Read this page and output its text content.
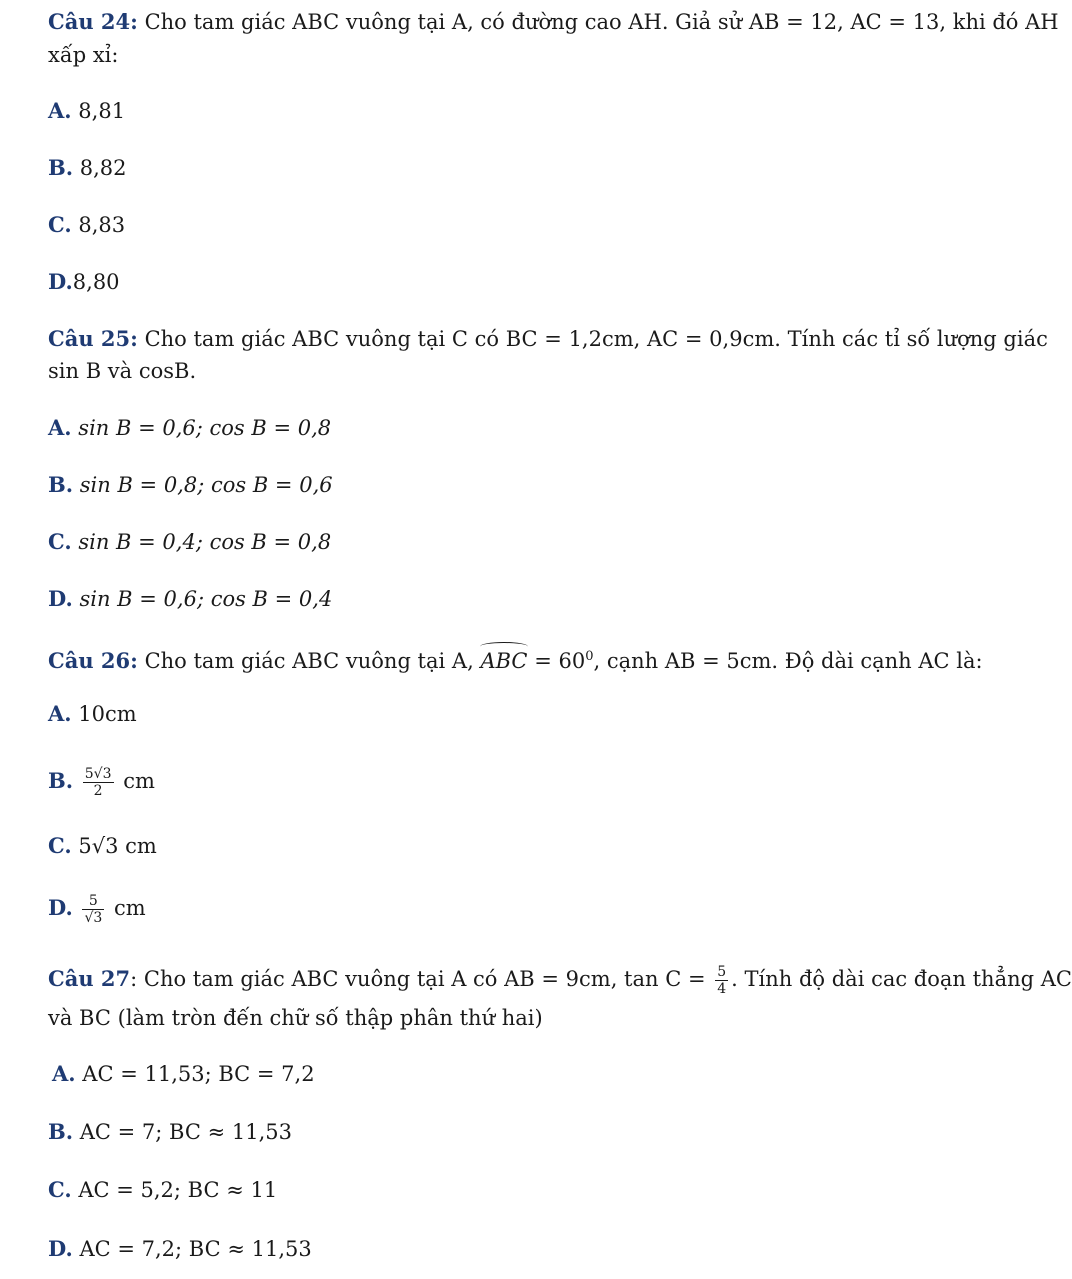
Câu 24: Cho tam giác ABC vuông tại A, có đường cao AH. Giả sử AB = 12, AC = 13, khi đó AH
xấp xỉ:
A. 8,81
B. 8,82
C. 8,83
D.8,80
Câu 25: Cho tam giác ABC vuông tại C có BC = 1,2cm, AC = 0,9cm. Tính các tỉ số lượng giác
sin B và cosB.
A. sin B = 0,6; cos B = 0,8
B. sin B = 0,8; cos B = 0,6
C. sin B = 0,4; cos B = 0,8
D. sin B = 0,6; cos B = 0,4
Câu 26: Cho tam giác ABC vuông tại A, ABC = $60^0$, cạnh AB = 5cm. Độ dài cạnh AC là:
A. 10cm
B. $\frac{5√3}{2}$ cm
C. 5√3 cm
D. $\frac{5}{√3}$ cm
Câu 27: Cho tam giác ABC vuông tại A có AB = 9cm, $\tan C = \frac{5}{4}$ . Tính độ dài cac đoạn thẳng AC
và BC (làm tròn đến chữ số thập phân thứ hai)
A. AC = 11,53; BC = 7,2
B. AC = 7; BC ≈ 11,53
C. AC = 5,2; BC ≈ 11
D. AC = 7,2; BC ≈ 11,53
